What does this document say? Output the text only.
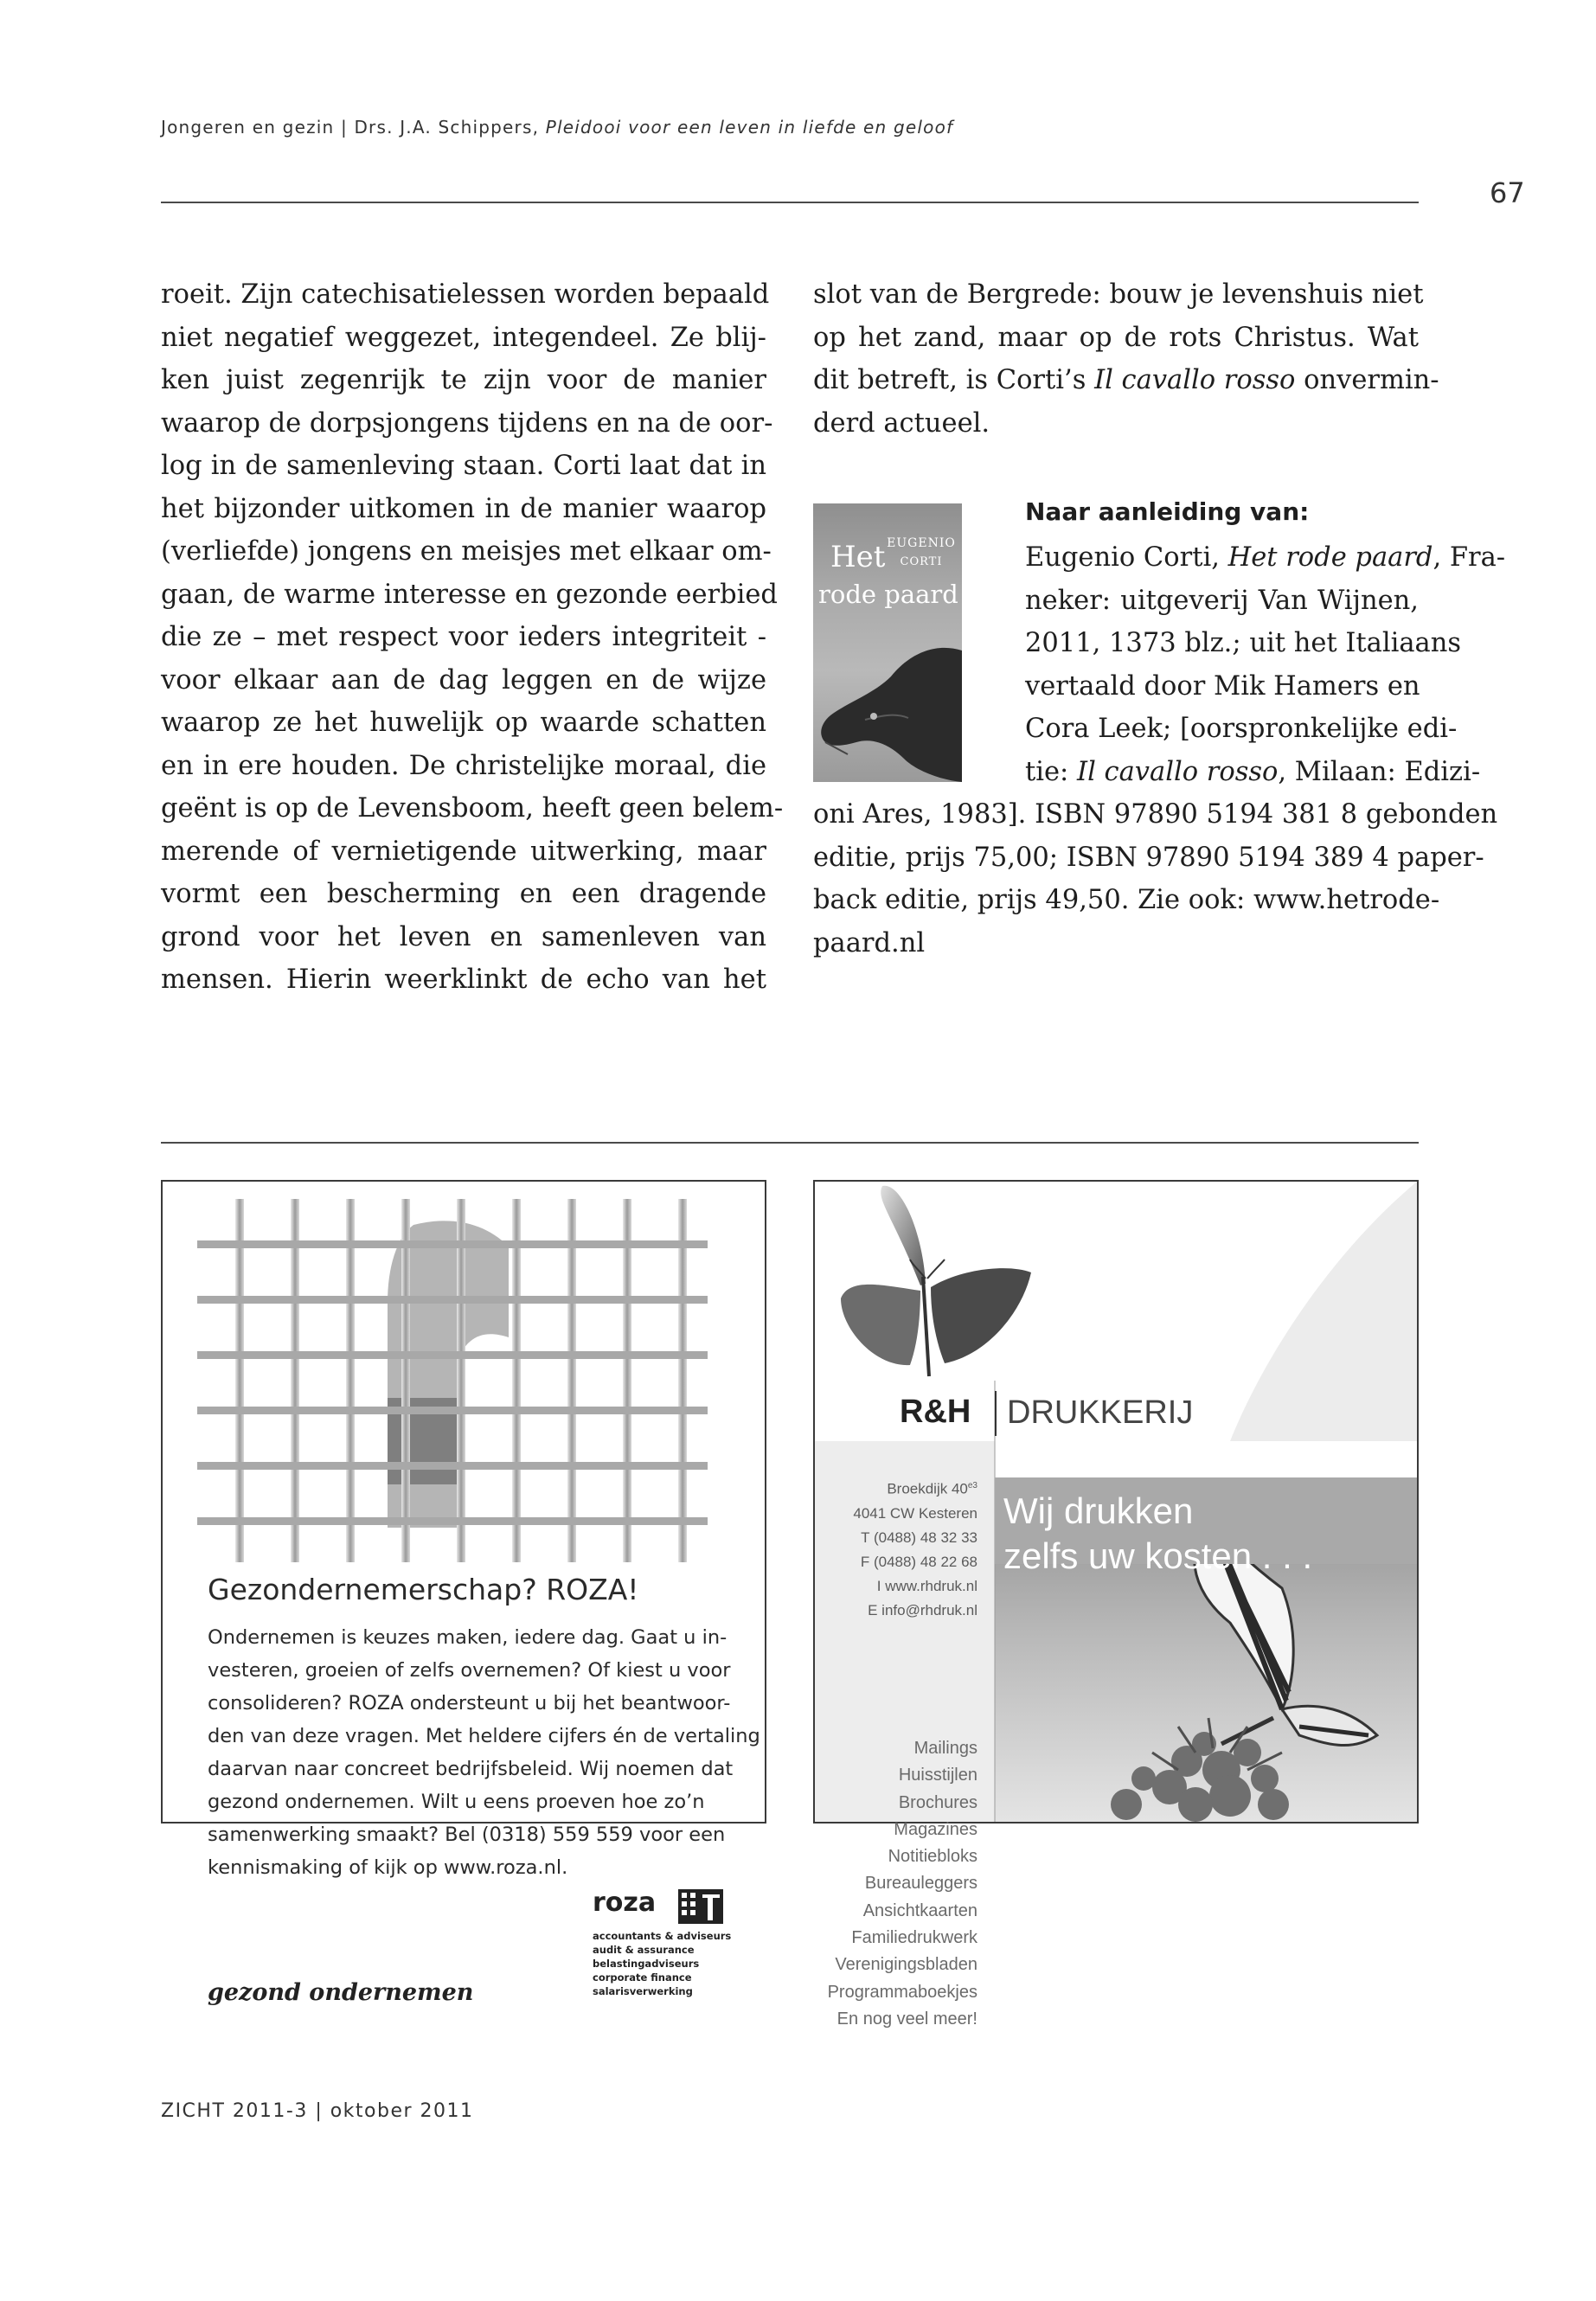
Jongeren en gezin | Drs. J.A. Schippers, Pleidooi voor een leven in liefde en geloof
67
roeit. Zijn catechisatielessen worden bepaald
niet negatief weggezet, integendeel. Ze blij-
ken juist zegenrijk te zijn voor de manier
waarop de dorpsjongens tijdens en na de oor-
log in de samenleving staan. Corti laat dat in
het bijzonder uitkomen in de manier waarop
(verliefde) jongens en meisjes met elkaar om-
gaan, de warme interesse en gezonde eerbied
die ze – met respect voor ieders integriteit -
voor elkaar aan de dag leggen en de wijze
waarop ze het huwelijk op waarde schatten
en in ere houden. De christelijke moraal, die
geënt is op de Levensboom, heeft geen belem-
merende of vernietigende uitwerking, maar
vormt een bescherming en een dragende
grond voor het leven en samenleven van
mensen. Hierin weerklinkt de echo van het
slot van de Bergrede: bouw je levenshuis niet
op het zand, maar op de rots Christus. Wat
dit betreft, is Corti’s Il cavallo rosso onvermin-
derd actueel.
EUGENIO
CORTI
Het
rode paard
Naar aanleiding van:
Eugenio Corti, Het rode paard, Fra-
neker: uitgeverij Van Wijnen,
2011, 1373 blz.; uit het Italiaans
vertaald door Mik Hamers en
Cora Leek; [oorspronkelijke edi-
tie: Il cavallo rosso, Milaan: Edizi-
oni Ares, 1983]. ISBN 97890 5194 381 8 gebonden
editie, prijs 75,00; ISBN 97890 5194 389 4 paper-
back editie, prijs 49,50. Zie ook: www.hetrode-
paard.nl
Gezondernemerschap? ROZA!
Ondernemen is keuzes maken, iedere dag. Gaat u in-
vesteren, groeien of zelfs overnemen? Of kiest u voor
consolideren? ROZA ondersteunt u bij het beantwoor-
den van deze vragen. Met heldere cijfers én de vertaling
daarvan naar concreet bedrijfsbeleid. Wij noemen dat
gezond ondernemen. Wilt u eens proeven hoe zo’n
samenwerking smaakt? Bel (0318) 559 559 voor een
kennismaking of kijk op www.roza.nl.
roza
accountants & adviseurs
audit & assurance
belastingadviseurs
corporate finance
salarisverwerking
gezond ondernemen
R&H DRUKKERIJ
Wij drukken
zelfs uw kosten . . .
Broekdijk $40^{e3}$
4041 CW Kesteren
T (0488) 48 32 33
F (0488) 48 22 68
I www.rhdruk.nl
E info@rhdruk.nl
Mailings
Huisstijlen
Brochures
Magazines
Notitiebloks
Bureauleggers
Ansichtkaarten
Familiedrukwerk
Verenigingsbladen
Programmaboekjes
En nog veel meer!
ZICHT 2011-3 | oktober 2011
